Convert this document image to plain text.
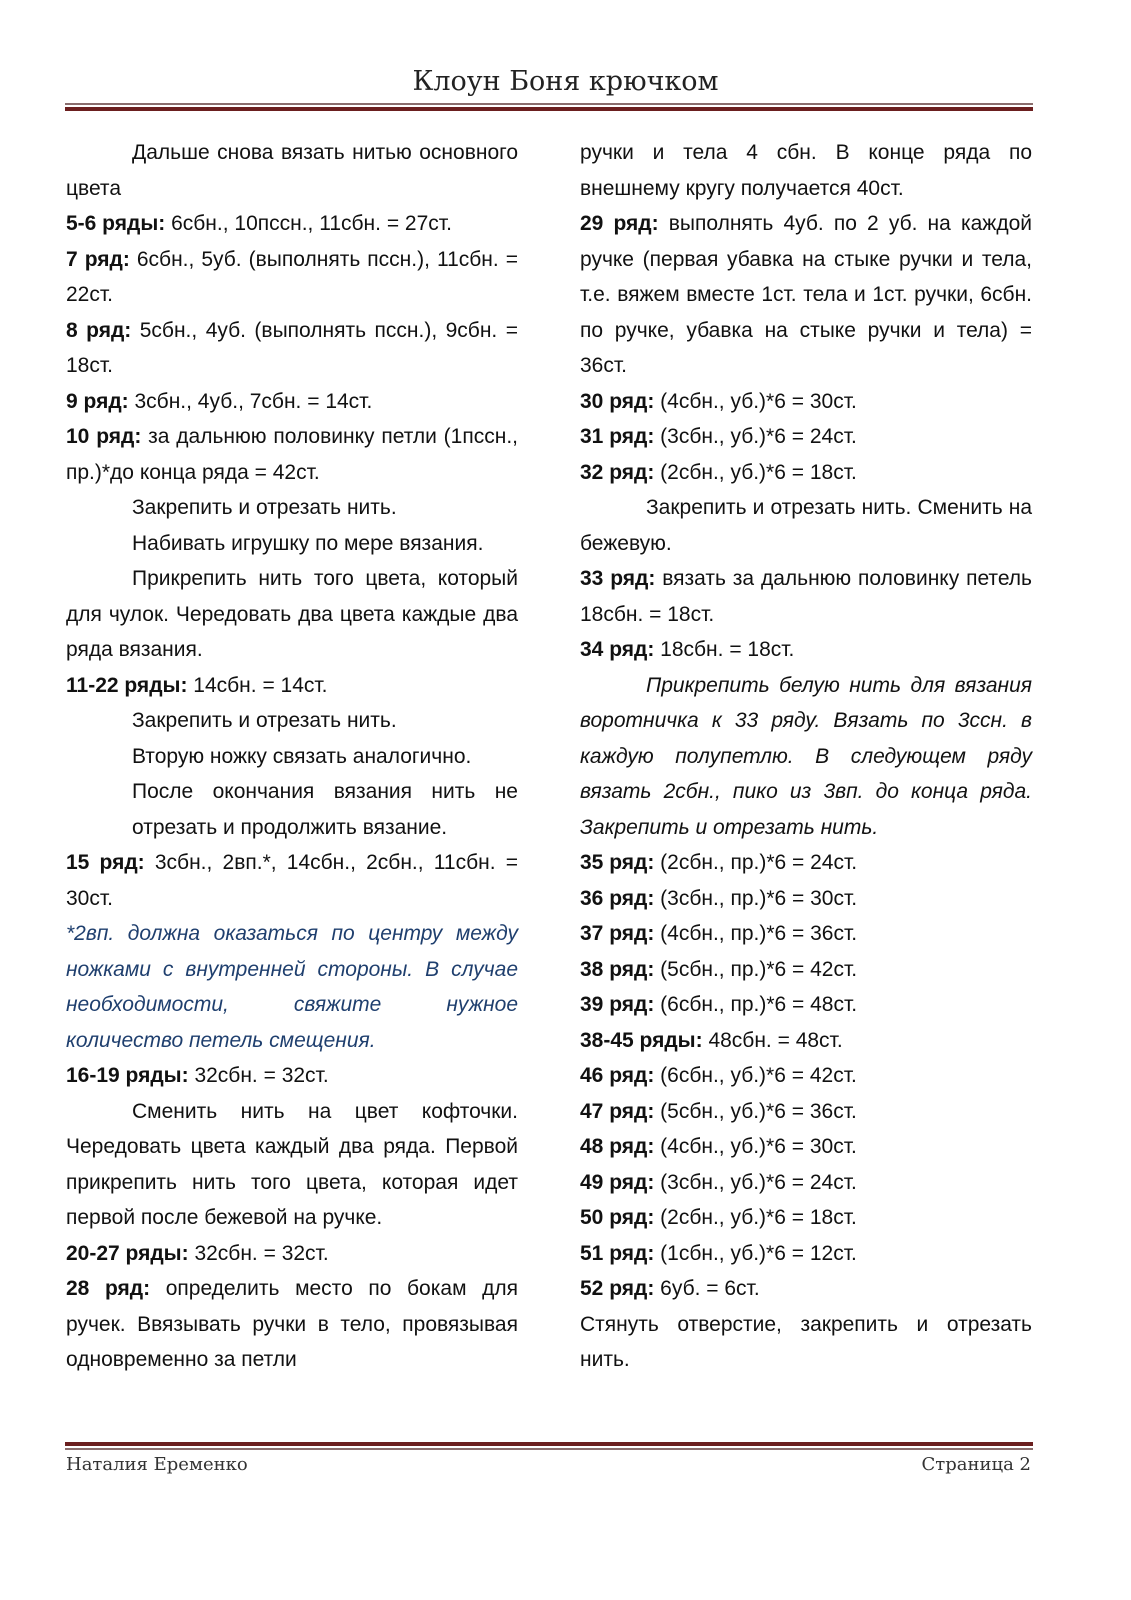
Клоун Боня крючком

Дальше снова вязать нитью основного цвета

5-6 ряды: 6сбн., 10пссн., 11сбн. = 27ст.

7 ряд: 6сбн., 5уб. (выполнять пссн.), 11сбн. = 22ст.

8 ряд: 5сбн., 4уб. (выполнять пссн.), 9сбн. = 18ст.

9 ряд: 3сбн., 4уб., 7сбн. = 14ст.

10 ряд: за дальнюю половинку петли (1пссн., пр.)*до конца ряда = 42ст.

Закрепить и отрезать нить.

Набивать игрушку по мере вязания.

Прикрепить нить того цвета, который для чулок. Чередовать два цвета каждые два ряда вязания.

11-22 ряды: 14сбн. = 14ст.

Закрепить и отрезать нить.

Вторую ножку связать аналогично.

После окончания вязания нить не отрезать и продолжить вязание.

15 ряд: 3сбн., 2вп.*, 14сбн., 2сбн., 11сбн. = 30ст.

*2вп. должна оказаться по центру между ножками с внутренней стороны. В случае необходимости, свяжите нужное количество петель смещения.

16-19 ряды: 32сбн. = 32ст.

Сменить нить на цвет кофточки. Чередовать цвета каждый два ряда. Первой прикрепить нить того цвета, которая идет первой после бежевой на ручке.

20-27 ряды: 32сбн. = 32ст.

28 ряд: определить место по бокам для ручек. Ввязывать ручки в тело, провязывая одновременно за петли

ручки и тела 4 сбн. В конце ряда по внешнему кругу получается 40ст.

29 ряд: выполнять 4уб. по 2 уб. на каждой ручке (первая убавка на стыке ручки и тела, т.е. вяжем вместе 1ст. тела и 1ст. ручки, 6сбн. по ручке, убавка на стыке ручки и тела) = 36ст.

30 ряд: (4сбн., уб.)*6 = 30ст.

31 ряд: (3сбн., уб.)*6 = 24ст.

32 ряд: (2сбн., уб.)*6 = 18ст.

Закрепить и отрезать нить. Сменить на бежевую.

33 ряд: вязать за дальнюю половинку петель 18сбн. = 18ст.

34 ряд: 18сбн. = 18ст.

Прикрепить белую нить для вязания воротничка к 33 ряду. Вязать по 3ссн. в каждую полупетлю. В следующем ряду вязать 2сбн., пико из 3вп. до конца ряда. Закрепить и отрезать нить.

35 ряд: (2сбн., пр.)*6 = 24ст.

36 ряд: (3сбн., пр.)*6 = 30ст.

37 ряд: (4сбн., пр.)*6 = 36ст.

38 ряд: (5сбн., пр.)*6 = 42ст.

39 ряд: (6сбн., пр.)*6 = 48ст.

38-45 ряды: 48сбн. = 48ст.

46 ряд: (6сбн., уб.)*6 = 42ст.

47 ряд: (5сбн., уб.)*6 = 36ст.

48 ряд: (4сбн., уб.)*6 = 30ст.

49 ряд: (3сбн., уб.)*6 = 24ст.

50 ряд: (2сбн., уб.)*6 = 18ст.

51 ряд: (1сбн., уб.)*6 = 12ст.

52 ряд: 6уб. = 6ст.

Стянуть отверстие, закрепить и отрезать нить.

Наталия Еременко	Страница 2
